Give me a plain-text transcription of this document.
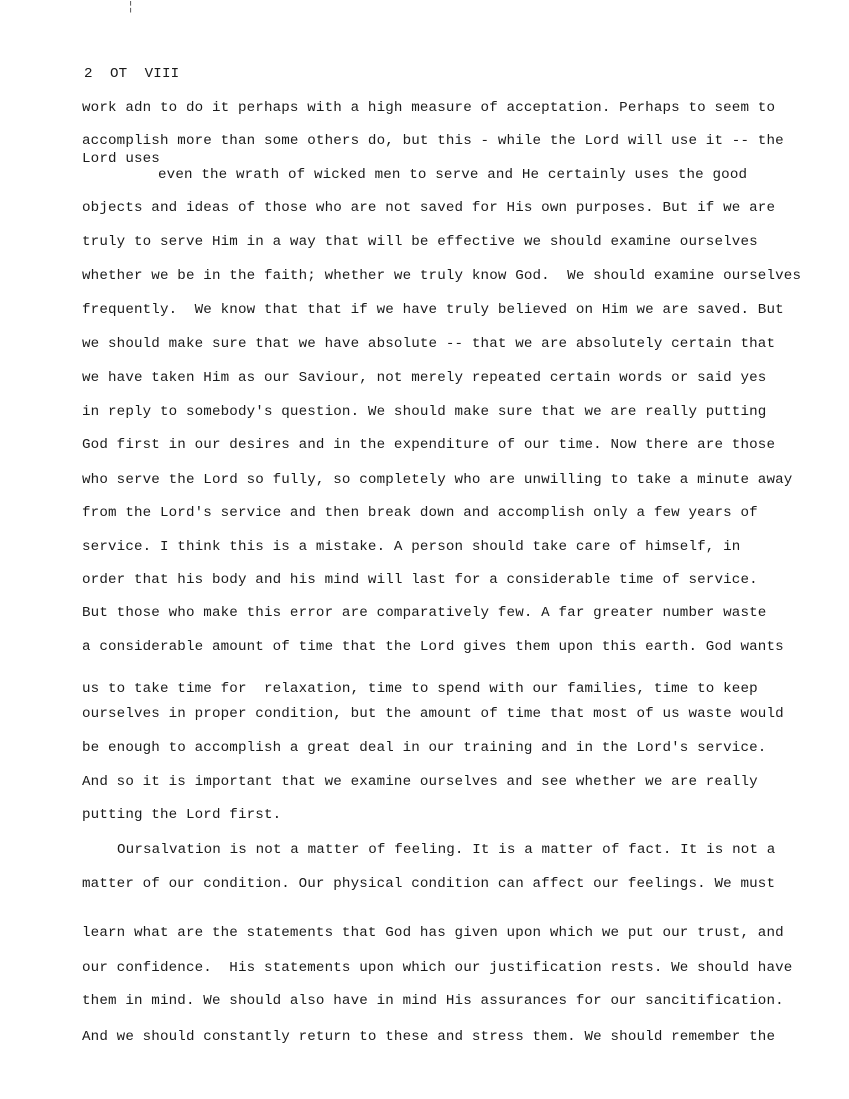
¦
2  OT  VIII
work adn to do it perhaps with a high measure of acceptation. Perhaps to seem to
accomplish more than some others do, but this - while the Lord will use it -- the
Lord uses
even the wrath of wicked men to serve and He certainly uses the good
objects and ideas of those who are not saved for His own purposes. But if we are
truly to serve Him in a way that will be effective we should examine ourselves
whether we be in the faith; whether we truly know God.  We should examine ourselves
frequently.  We know that that if we have truly believed on Him we are saved. But
we should make sure that we have absolute -- that we are absolutely certain that
we have taken Him as our Saviour, not merely repeated certain words or said yes
in reply to somebody's question. We should make sure that we are really putting
God first in our desires and in the expenditure of our time. Now there are those
who serve the Lord so fully, so completely who are unwilling to take a minute away
from the Lord's service and then break down and accomplish only a few years of
service. I think this is a mistake. A person should take care of himself, in
order that his body and his mind will last for a considerable time of service.
But those who make this error are comparatively few. A far greater number waste
a considerable amount of time that the Lord gives them upon this earth. God wants
us to take time for  relaxation, time to spend with our families, time to keep
ourselves in proper condition, but the amount of time that most of us waste would
be enough to accomplish a great deal in our training and in the Lord's service.
And so it is important that we examine ourselves and see whether we are really
putting the Lord first.
Oursalvation is not a matter of feeling. It is a matter of fact. It is not a
matter of our condition. Our physical condition can affect our feelings. We must
learn what are the statements that God has given upon which we put our trust, and
our confidence.  His statements upon which our justification rests. We should have
them in mind. We should also have in mind His assurances for our sancitification.
And we should constantly return to these and stress them. We should remember the
